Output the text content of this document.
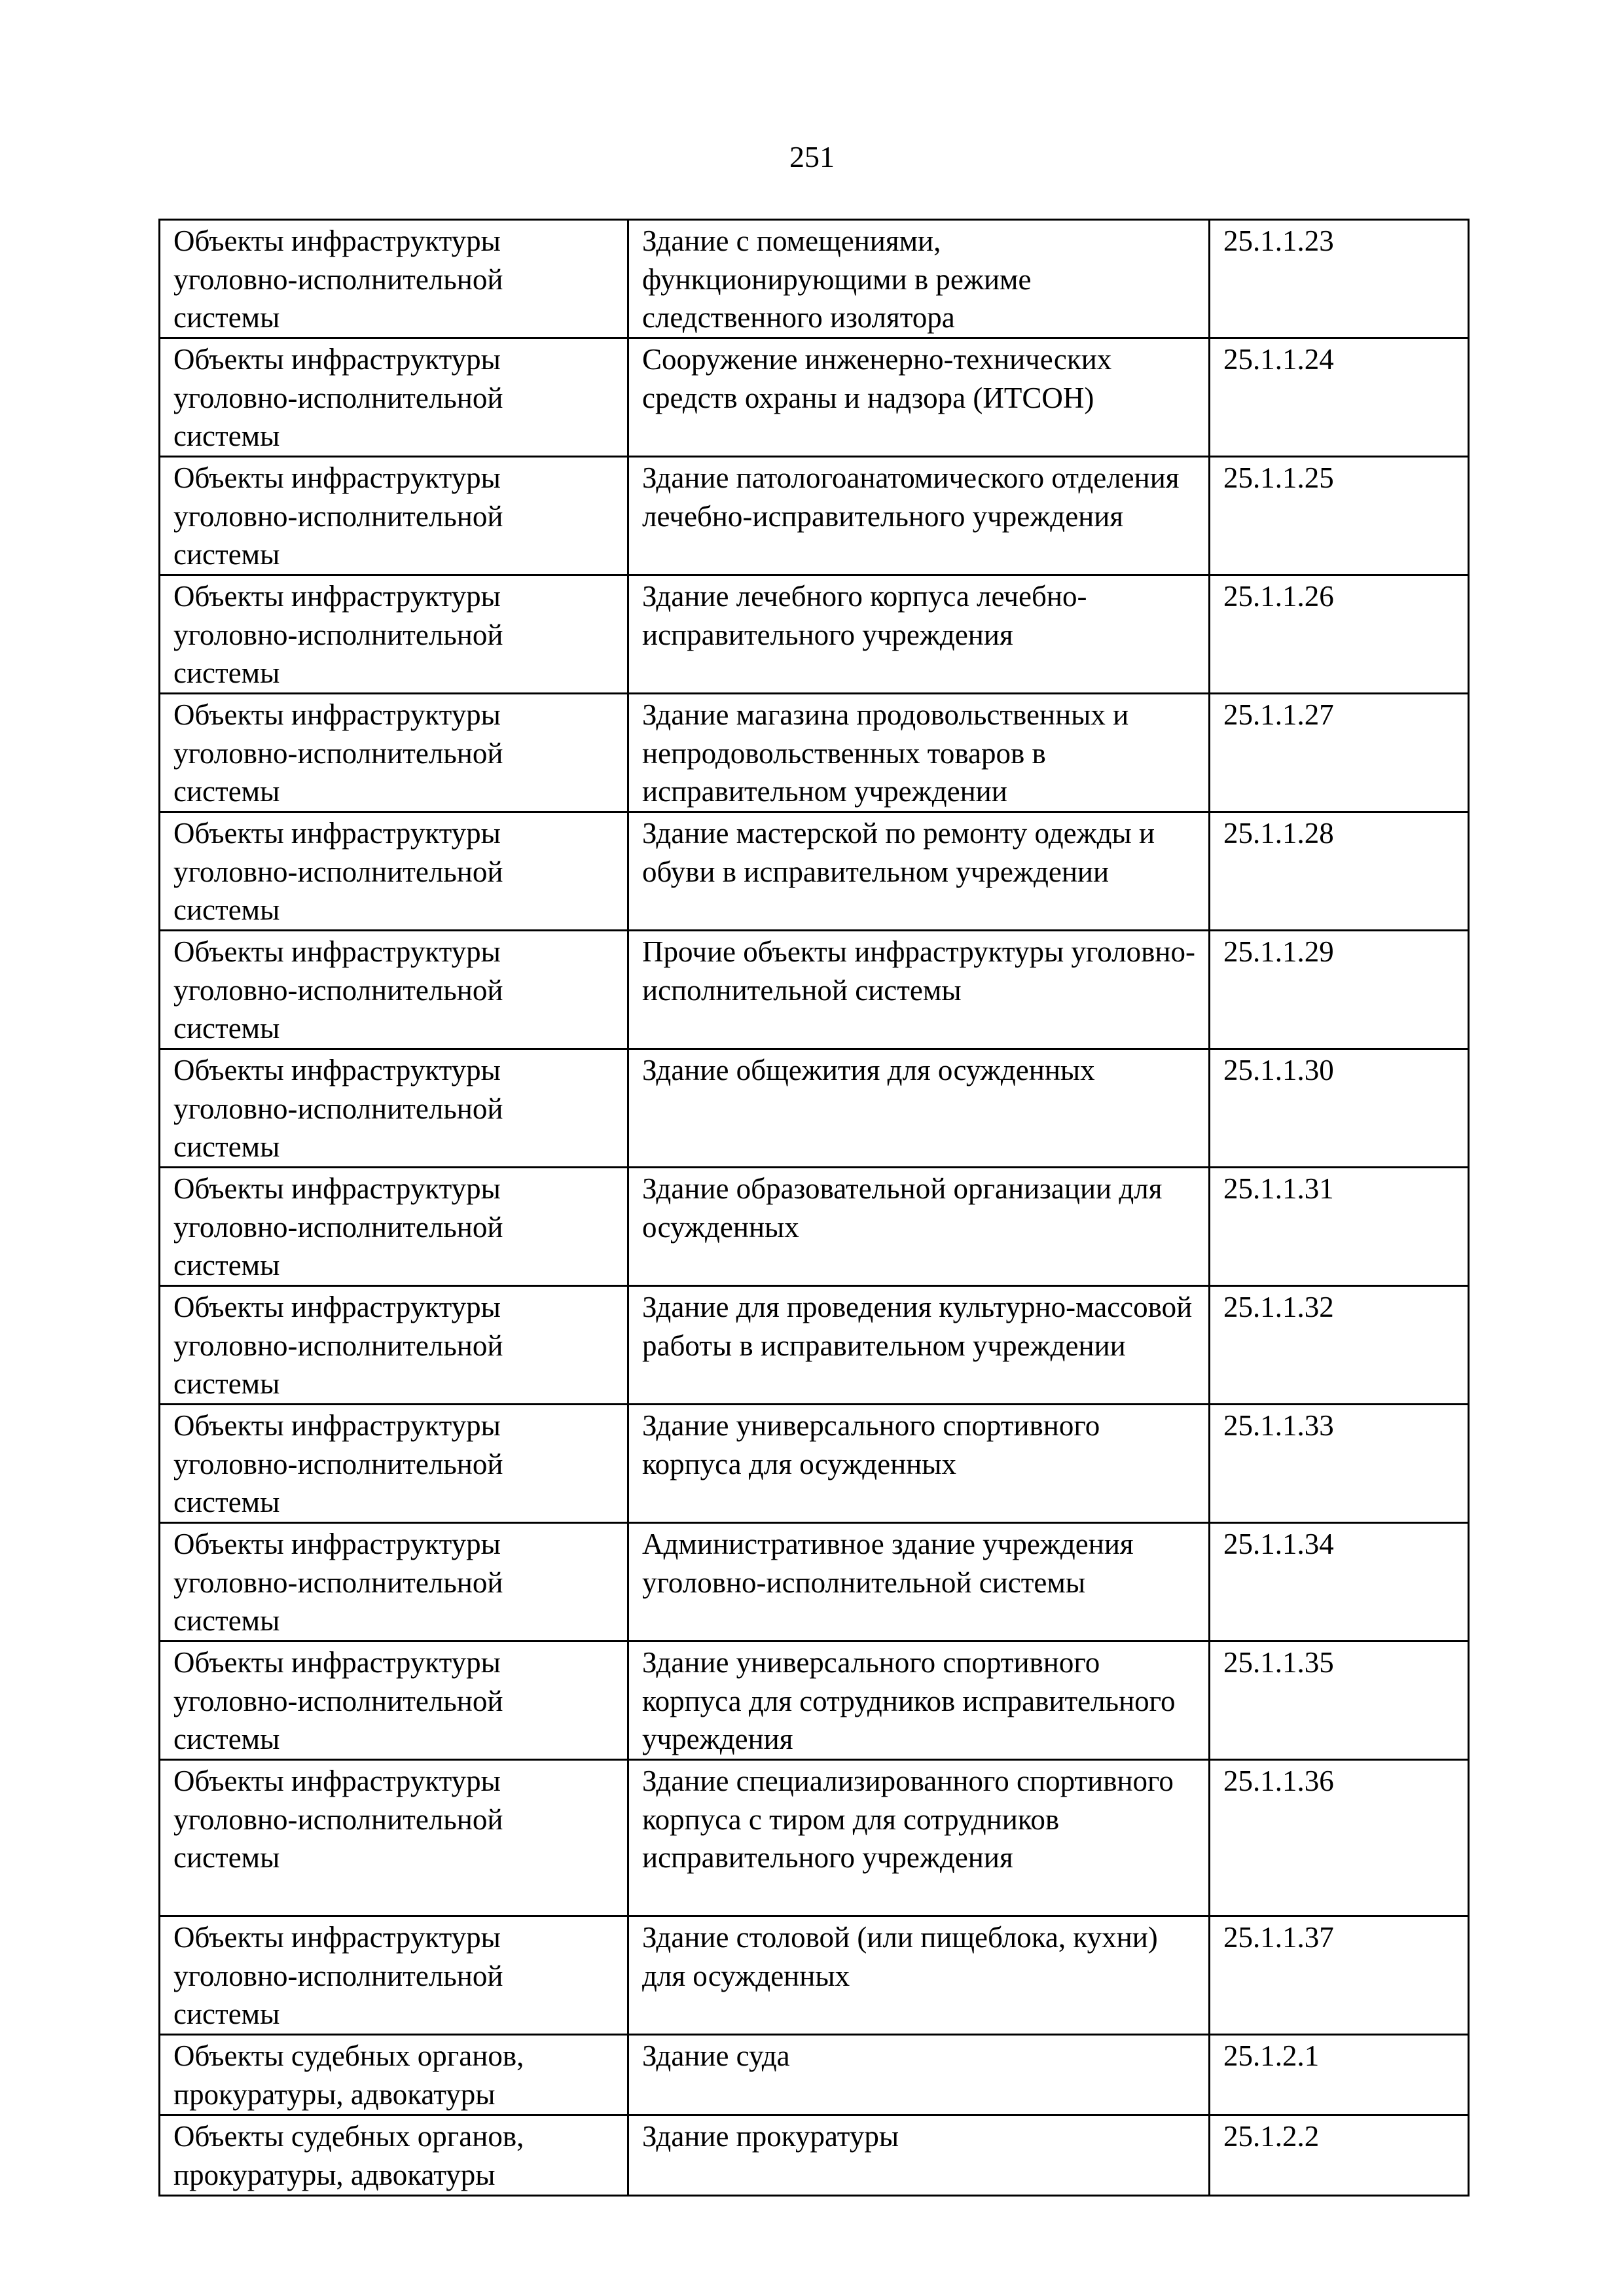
251
Объекты инфраструктуры уголовно-исполнительной системы	Здание с помещениями, функционирующими в режиме следственного изолятора	25.1.1.23
Объекты инфраструктуры уголовно-исполнительной системы	Сооружение инженерно-технических средств охраны и надзора (ИТСОН)	25.1.1.24
Объекты инфраструктуры уголовно-исполнительной системы	Здание патологоанатомического отделения лечебно-исправительного учреждения	25.1.1.25
Объекты инфраструктуры уголовно-исполнительной системы	Здание лечебного корпуса лечебно-исправительного учреждения	25.1.1.26
Объекты инфраструктуры уголовно-исполнительной системы	Здание магазина продовольственных и непродовольственных товаров в исправительном учреждении	25.1.1.27
Объекты инфраструктуры уголовно-исполнительной системы	Здание мастерской по ремонту одежды и обуви в исправительном учреждении	25.1.1.28
Объекты инфраструктуры уголовно-исполнительной системы	Прочие объекты инфраструктуры уголовно-исполнительной системы	25.1.1.29
Объекты инфраструктуры уголовно-исполнительной системы	Здание общежития для осужденных	25.1.1.30
Объекты инфраструктуры уголовно-исполнительной системы	Здание образовательной организации для осужденных	25.1.1.31
Объекты инфраструктуры уголовно-исполнительной системы	Здание для проведения культурно-массовой работы в исправительном учреждении	25.1.1.32
Объекты инфраструктуры уголовно-исполнительной системы	Здание универсального спортивного корпуса для осужденных	25.1.1.33
Объекты инфраструктуры уголовно-исполнительной системы	Административное здание учреждения уголовно-исполнительной системы	25.1.1.34
Объекты инфраструктуры уголовно-исполнительной системы	Здание универсального спортивного корпуса для сотрудников исправительного учреждения	25.1.1.35
Объекты инфраструктуры уголовно-исполнительной системы	Здание специализированного спортивного корпуса с тиром для сотрудников исправительного учреждения	25.1.1.36
Объекты инфраструктуры уголовно-исполнительной системы	Здание столовой (или пищеблока, кухни) для осужденных	25.1.1.37
Объекты судебных органов, прокуратуры, адвокатуры	Здание суда	25.1.2.1
Объекты судебных органов, прокуратуры, адвокатуры	Здание прокуратуры	25.1.2.2
